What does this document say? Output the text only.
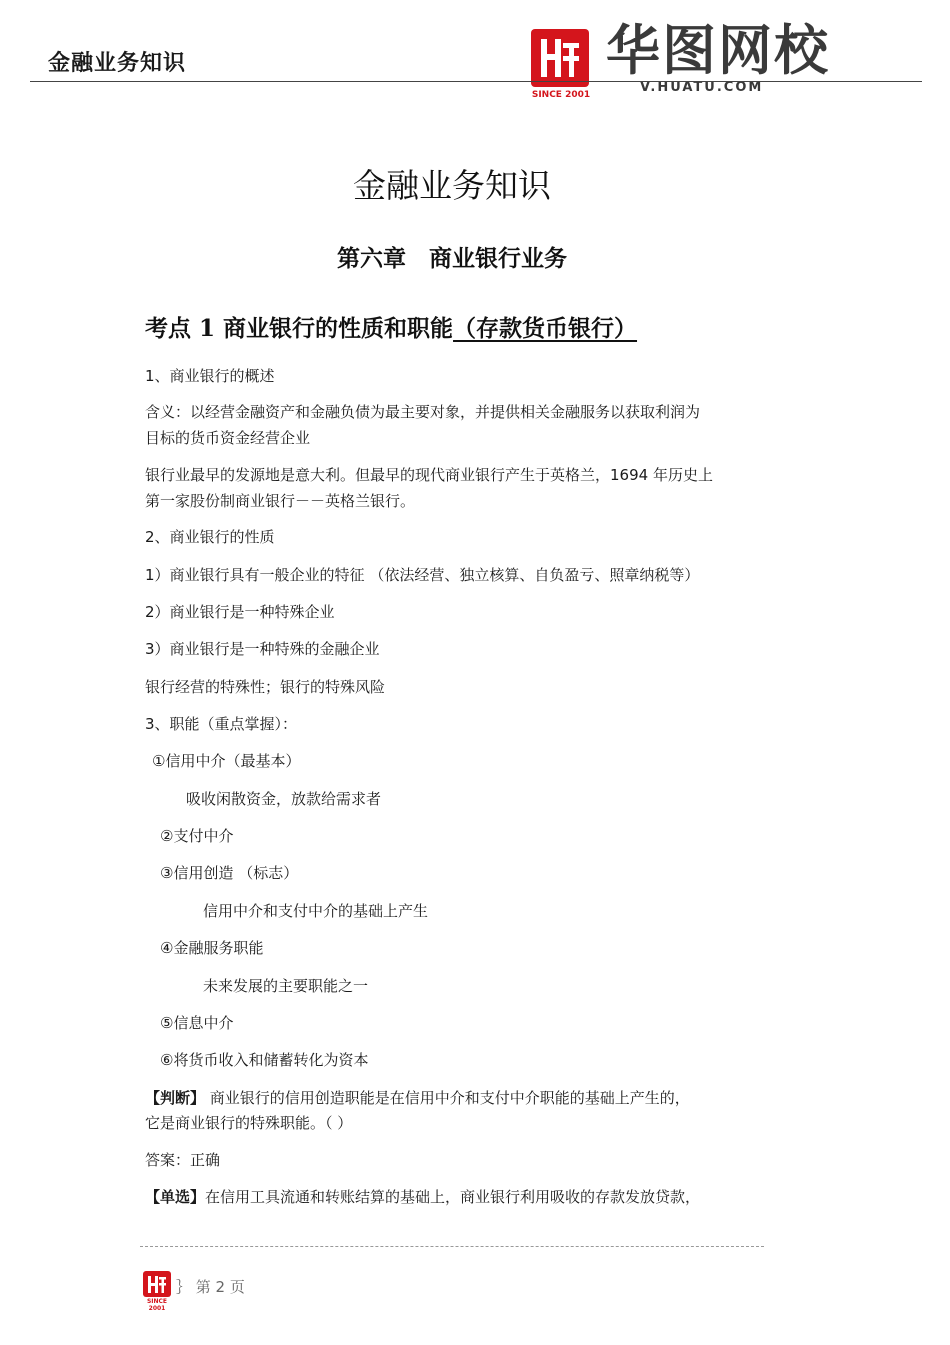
金融业务知识
SINCE 2001
华图网校
V.HUATU.COM
金融业务知识
第六章　商业银行业务
考点 1 商业银行的性质和职能（存款货币银行）
1、商业银行的概述
含义：以经营金融资产和金融负债为最主要对象，并提供相关金融服务以获取利润为
目标的货币资金经营企业
银行业最早的发源地是意大利。但最早的现代商业银行产生于英格兰，1694 年历史上
第一家股份制商业银行－－英格兰银行。
2、商业银行的性质
1）商业银行具有一般企业的特征 （依法经营、独立核算、自负盈亏、照章纳税等）
2）商业银行是一种特殊企业
3）商业银行是一种特殊的金融企业
银行经营的特殊性；银行的特殊风险
3、职能（重点掌握）：
①信用中介（最基本）
吸收闲散资金，放款给需求者
②支付中介
③信用创造 （标志）
信用中介和支付中介的基础上产生
④金融服务职能
未来发展的主要职能之一
⑤信息中介
⑥将货币收入和储蓄转化为资本
【判断】 商业银行的信用创造职能是在信用中介和支付中介职能的基础上产生的，
它是商业银行的特殊职能。（ ）
答案：正确
【单选】在信用工具流通和转账结算的基础上，商业银行利用吸收的存款发放贷款，
SINCE 2001
｝ 第 2 页
